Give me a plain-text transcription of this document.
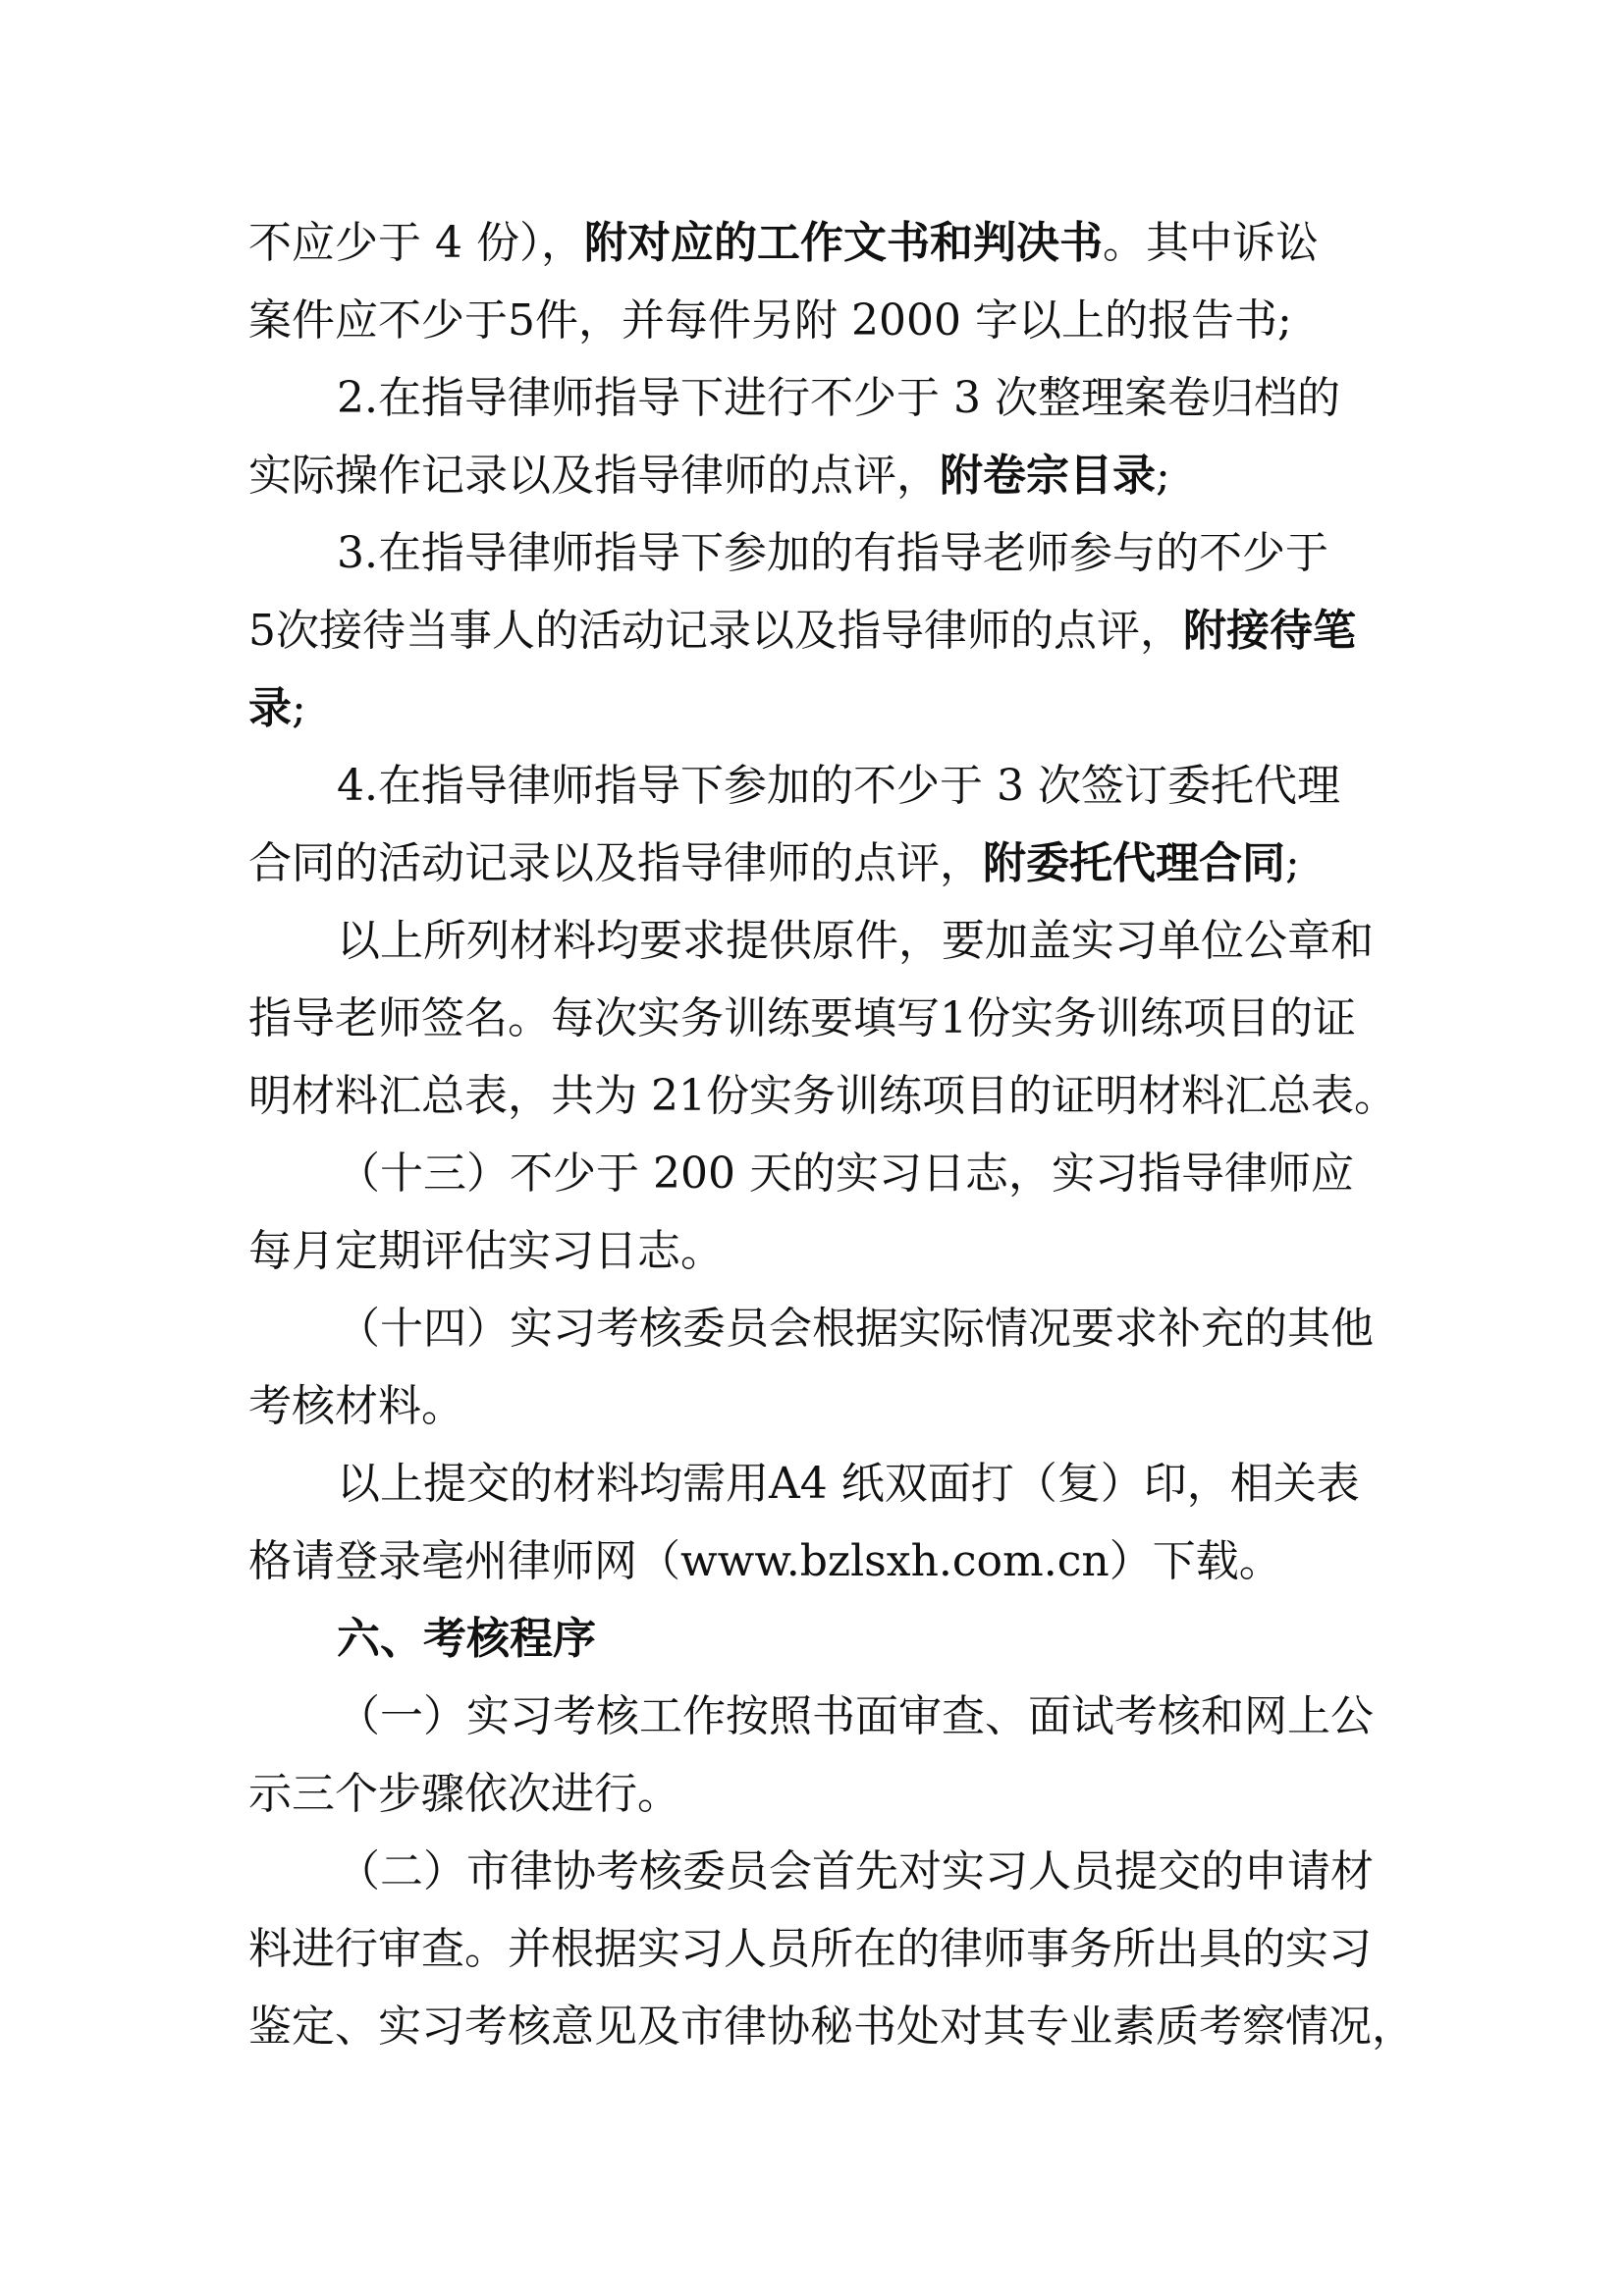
不应少于 4 份），附对应的工作文书和判决书。其中诉讼
案件应不少于5件，并每件另附 2000 字以上的报告书;
2.在指导律师指导下进行不少于 3 次整理案卷归档的
实际操作记录以及指导律师的点评，附卷宗目录;
3.在指导律师指导下参加的有指导老师参与的不少于
5次接待当事人的活动记录以及指导律师的点评，附接待笔
录;
4.在指导律师指导下参加的不少于 3 次签订委托代理
合同的活动记录以及指导律师的点评，附委托代理合同;
以上所列材料均要求提供原件，要加盖实习单位公章和
指导老师签名。每次实务训练要填写1份实务训练项目的证
明材料汇总表，共为 21份实务训练项目的证明材料汇总表。
（十三）不少于 200 天的实习日志，实习指导律师应
每月定期评估实习日志。
（十四）实习考核委员会根据实际情况要求补充的其他
考核材料。
以上提交的材料均需用A4 纸双面打（复）印，相关表
格请登录亳州律师网（www.bzlsxh.com.cn）下载。
六、考核程序
（一）实习考核工作按照书面审查、面试考核和网上公
示三个步骤依次进行。
（二）市律协考核委员会首先对实习人员提交的申请材
料进行审查。并根据实习人员所在的律师事务所出具的实习
鉴定、实习考核意见及市律协秘书处对其专业素质考察情况，
